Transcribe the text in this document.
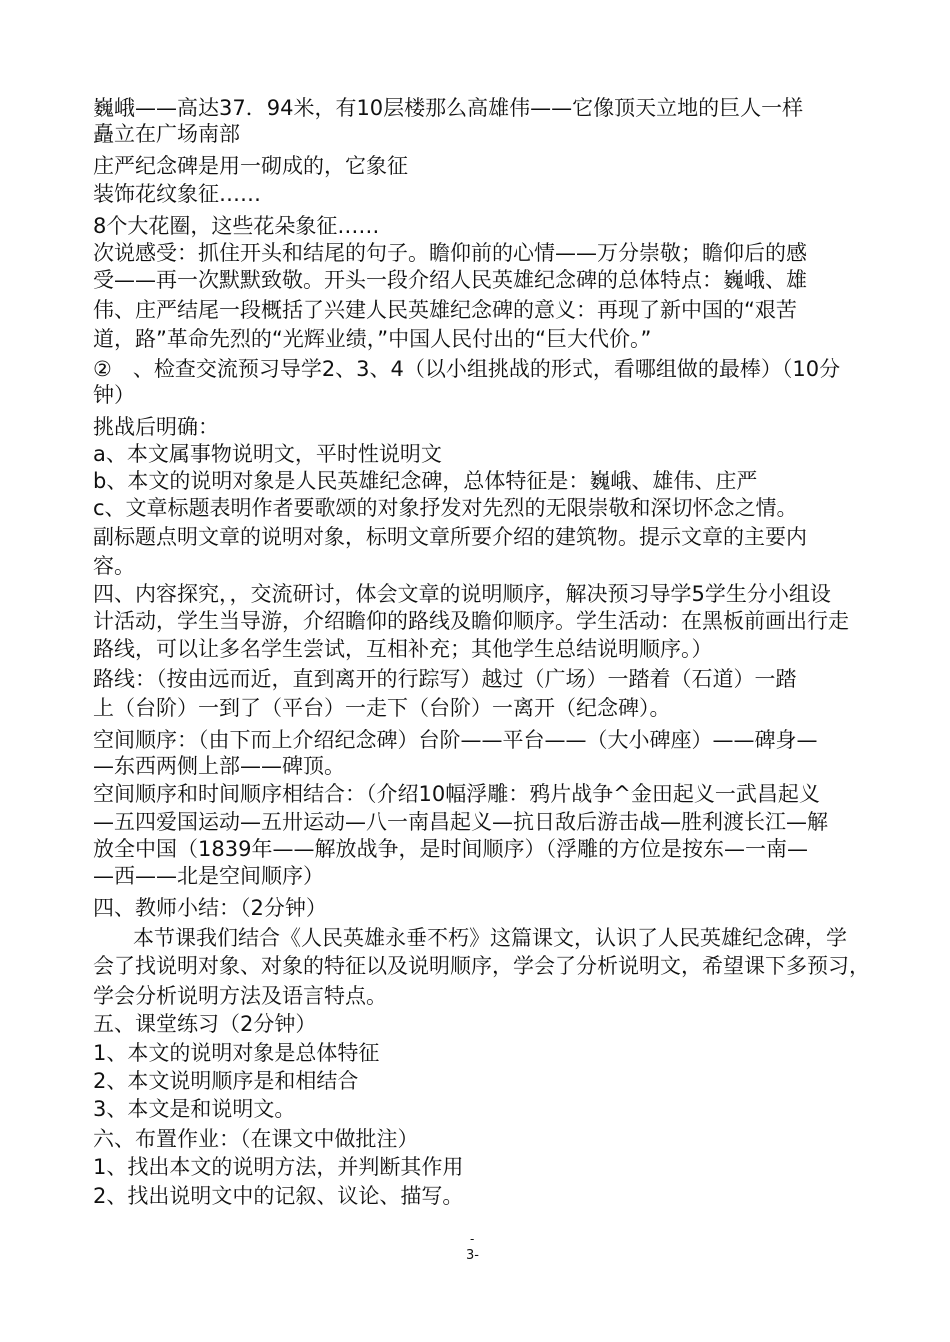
巍峨——高达37．94米，有10层楼那么高雄伟——它像顶天立地的巨人一样

矗立在广场南部

庄严纪念碑是用一砌成的，它象征

装饰花纹象征……

8个大花圈，这些花朵象征……

次说感受：抓住开头和结尾的句子。瞻仰前的心情——万分崇敬；瞻仰后的感

受——再一次默默致敬。开头一段介绍人民英雄纪念碑的总体特点：巍峨、雄

伟、庄严结尾一段概括了兴建人民英雄纪念碑的意义：再现了新中国的“艰苦

道，路”革命先烈的“光辉业绩，”中国人民付出的“巨大代价。”

②　、检查交流预习导学2、3、4（以小组挑战的形式，看哪组做的最棒）（10分

钟）

挑战后明确：

a、本文属事物说明文，平时性说明文

b、本文的说明对象是人民英雄纪念碑，总体特征是：巍峨、雄伟、庄严

c、文章标题表明作者要歌颂的对象抒发对先烈的无限崇敬和深切怀念之情。

副标题点明文章的说明对象，标明文章所要介绍的建筑物。提示文章的主要内

容。

四、内容探究，，交流研讨，体会文章的说明顺序，解决预习导学5学生分小组设

计活动，学生当导游，介绍瞻仰的路线及瞻仰顺序。学生活动：在黑板前画出行走

路线，可以让多名学生尝试，互相补充；其他学生总结说明顺序。）

路线：（按由远而近，直到离开的行踪写）越过（广场）一踏着（石道）一踏

上（台阶）一到了（平台）一走下（台阶）一离开（纪念碑）。

空间顺序：（由下而上介绍纪念碑）台阶——平台——（大小碑座）——碑身—

—东西两侧上部——碑顶。

空间顺序和时间顺序相结合：（介绍10幅浮雕：鸦片战争^金田起义一武昌起义

—五四爱国运动—五卅运动—八一南昌起义—抗日敌后游击战—胜利渡长江—解

放全中国（1839年——解放战争，是时间顺序）（浮雕的方位是按东—一南—

—西——北是空间顺序）

四、教师小结：（2分钟）

本节课我们结合《人民英雄永垂不朽》这篇课文，认识了人民英雄纪念碑，学

会了找说明对象、对象的特征以及说明顺序，学会了分析说明文，希望课下多预习，

学会分析说明方法及语言特点。

五、课堂练习（2分钟）

1、本文的说明对象是总体特征

2、本文说明顺序是和相结合

3、本文是和说明文。

六、布置作业：（在课文中做批注）

1、找出本文的说明方法，并判断其作用

2、找出说明文中的记叙、议论、描写。

-
3-
